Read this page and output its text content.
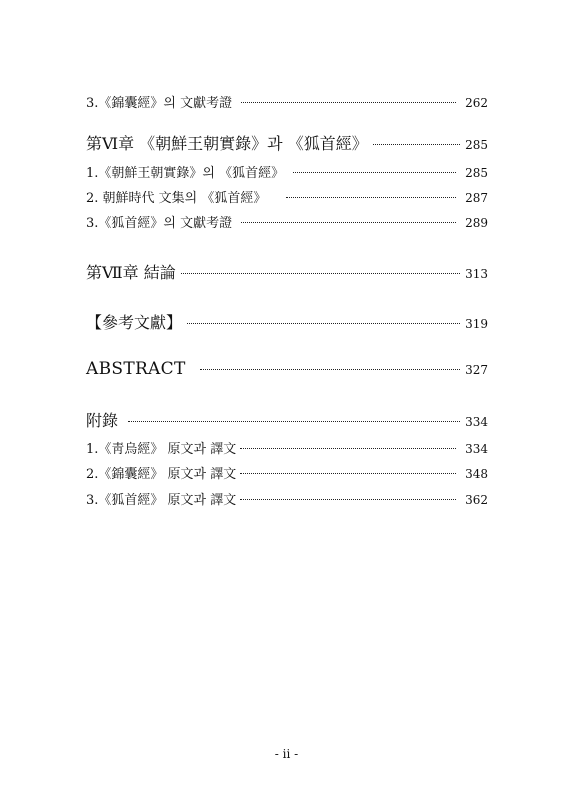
3.《錦囊經》의 文獻考證	262
第Ⅵ章 《朝鮮王朝實錄》과 《狐首經》	285
1.《朝鮮王朝實錄》의 《狐首經》	285
2. 朝鮮時代 文集의 《狐首經》	287
3.《狐首經》의 文獻考證	289
第Ⅶ章 結論	313
【參考文獻】	319
ABSTRACT	327
附錄	334
1.《靑烏經》 原文과 譯文	334
2.《錦囊經》 原文과 譯文	348
3.《狐首經》 原文과 譯文	362
- ii -
